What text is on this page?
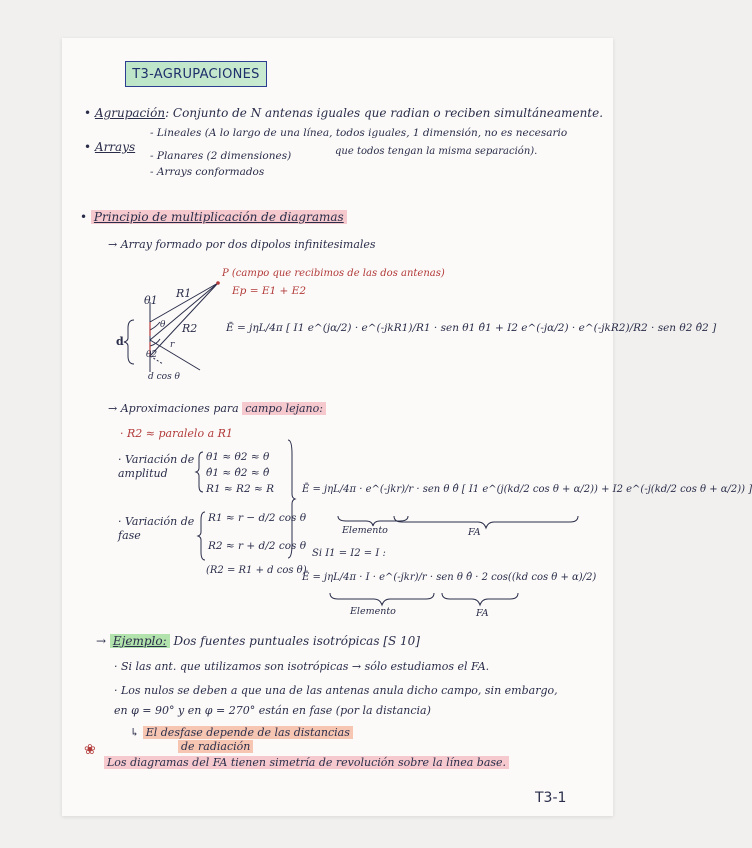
T3-AGRUPACIONES
• Agrupación: Conjunto de N antenas iguales que radian o reciben simultáneamente.
• Arrays
- Lineales (A lo largo de una línea, todos iguales, 1 dimensión, no es necesario
- Planares (2 dimensiones)	que todos tengan la misma separación).
- Arrays conformados
• Principio de multiplicación de diagramas
→ Array formado por dos dipolos infinitesimales
d
θ1
R1
θ R2
r
θ2
d cos θ
P (campo que recibimos de las dos antenas)
Ep = E1 + E2
Ē = jηL/4π [ I1 e^(jα/2) · e^(-jkR1)/R1 · sen θ1 θ̂1 + I2 e^(-jα/2) · e^(-jkR2)/R2 · sen θ2 θ̂2 ]
→ Aproximaciones para campo lejano:
· R2 ≈ paralelo a R1
· Variación de amplitud
θ1 ≈ θ2 ≈ θ
θ̂1 ≈ θ̂2 ≈ θ̂
R1 ≈ R2 ≈ R
· Variación de fase
R1 ≈ r − d/2 cos θ
R2 ≈ r + d/2 cos θ
(R2 = R1 + d cos θ)
Ē = jηL/4π · e^(-jkr)/r · sen θ θ̂ [ I1 e^(j(kd/2 cos θ + α/2)) + I2 e^(-j(kd/2 cos θ + α/2)) ]
Elemento	FA
Si I1 = I2 = I :
Ē = jηL/4π · I · e^(-jkr)/r · sen θ θ̂ · 2 cos((kd cos θ + α)/2)
Elemento	FA
→ Ejemplo: Dos fuentes puntuales isotrópicas [S 10]
· Si las ant. que utilizamos son isotrópicas → sólo estudiamos el FA.
· Los nulos se deben a que una de las antenas anula dicho campo, sin embargo,
en φ = 90° y en φ = 270° están en fase (por la distancia)
↳ El desfase depende de las distancias
de radiación
❀
Los diagramas del FA tienen simetría de revolución sobre la línea base.
T3-1
